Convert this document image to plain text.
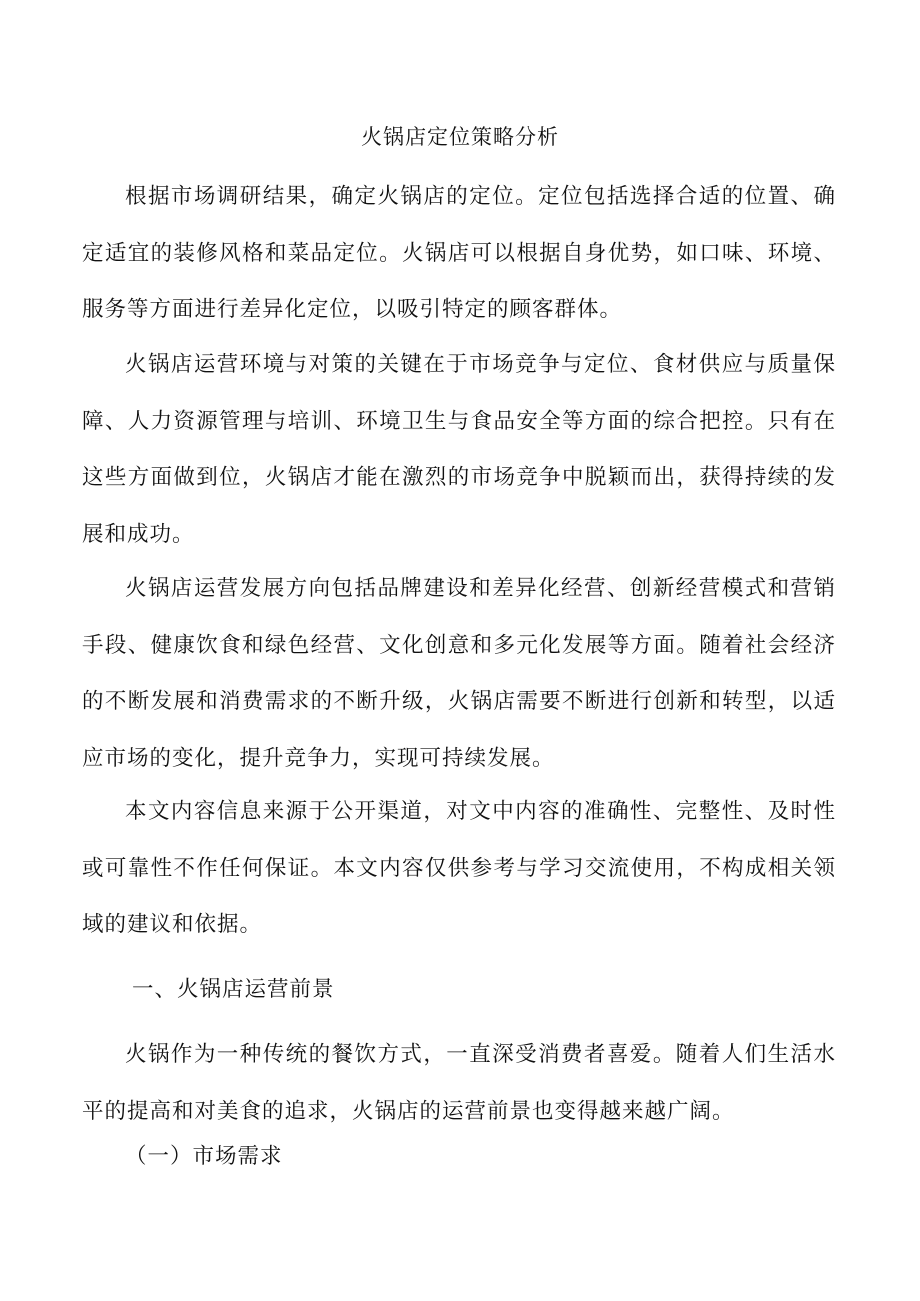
火锅店定位策略分析

根据市场调研结果，确定火锅店的定位。定位包括选择合适的位置、确定适宜的装修风格和菜品定位。火锅店可以根据自身优势，如口味、环境、服务等方面进行差异化定位，以吸引特定的顾客群体。

火锅店运营环境与对策的关键在于市场竞争与定位、食材供应与质量保障、人力资源管理与培训、环境卫生与食品安全等方面的综合把控。只有在这些方面做到位，火锅店才能在激烈的市场竞争中脱颖而出，获得持续的发展和成功。

火锅店运营发展方向包括品牌建设和差异化经营、创新经营模式和营销手段、健康饮食和绿色经营、文化创意和多元化发展等方面。随着社会经济的不断发展和消费需求的不断升级，火锅店需要不断进行创新和转型，以适应市场的变化，提升竞争力，实现可持续发展。

本文内容信息来源于公开渠道，对文中内容的准确性、完整性、及时性或可靠性不作任何保证。本文内容仅供参考与学习交流使用，不构成相关领域的建议和依据。

一、火锅店运营前景

火锅作为一种传统的餐饮方式，一直深受消费者喜爱。随着人们生活水平的提高和对美食的追求，火锅店的运营前景也变得越来越广阔。

（一）市场需求
